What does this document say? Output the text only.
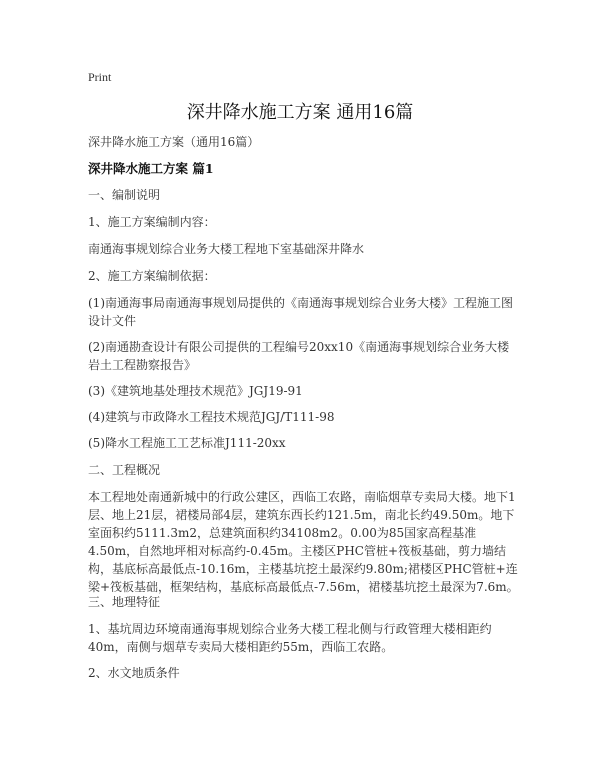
Print
深井降水施工方案 通用16篇

深井降水施工方案（通用16篇）

深井降水施工方案 篇1

一、编制说明

1、施工方案编制内容：

南通海事规划综合业务大楼工程地下室基础深井降水

2、施工方案编制依据：

(1)南通海事局南通海事规划局提供的《南通海事规划综合业务大楼》工程施工图设计文件

(2)南通勘查设计有限公司提供的工程编号20xx10《南通海事规划综合业务大楼岩土工程勘察报告》

(3)《建筑地基处理技术规范》JGJ19-91

(4)建筑与市政降水工程技术规范JGJ/T111-98

(5)降水工程施工工艺标准J111-20xx

二、工程概况

本工程地处南通新城中的行政公建区，西临工农路，南临烟草专卖局大楼。地下1层、地上21层，裙楼局部4层，建筑东西长约121.5m，南北长约49.50m。地下室面积约5111.3m2，总建筑面积约34108m2。0.00为85国家高程基准4.50m，自然地坪相对标高约-0.45m。主楼区PHC管桩+筏板基础，剪力墙结构，基底标高最低点-10.16m，主楼基坑挖土最深约9.80m;裙楼区PHC管桩+连梁+筏板基础，框架结构，基底标高最低点-7.56m，裙楼基坑挖土最深为7.6m。

三、地理特征

1、基坑周边环境南通海事规划综合业务大楼工程北侧与行政管理大楼相距约40m，南侧与烟草专卖局大楼相距约55m，西临工农路。

2、水文地质条件
